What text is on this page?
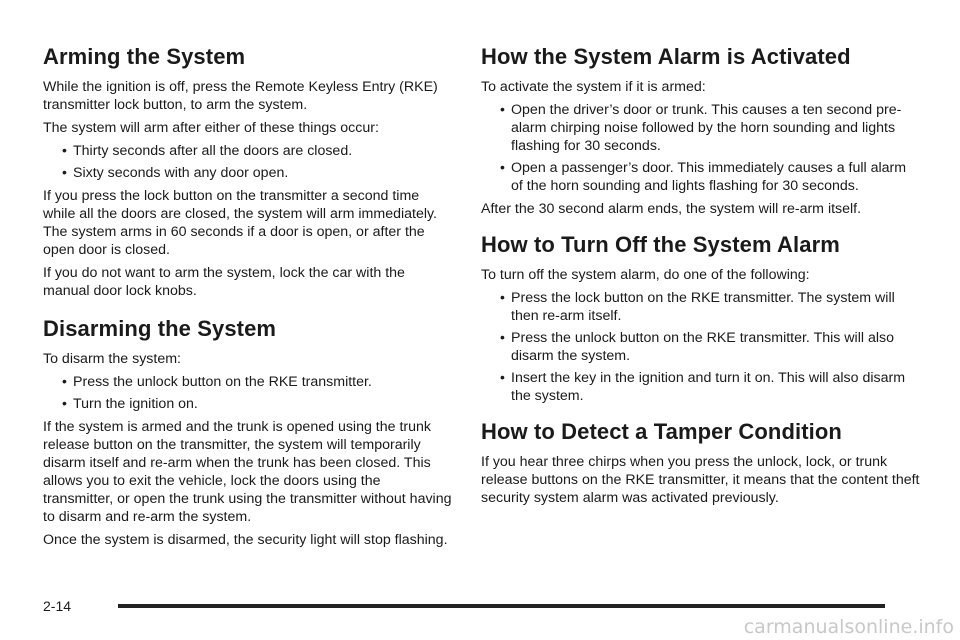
Arming the System

While the ignition is off, press the Remote Keyless Entry (RKE) transmitter lock button, to arm the system.

The system will arm after either of these things occur:

• Thirty seconds after all the doors are closed.
• Sixty seconds with any door open.

If you press the lock button on the transmitter a second time while all the doors are closed, the system will arm immediately. The system arms in 60 seconds if a door is open, or after the open door is closed.

If you do not want to arm the system, lock the car with the manual door lock knobs.

Disarming the System

To disarm the system:

• Press the unlock button on the RKE transmitter.
• Turn the ignition on.

If the system is armed and the trunk is opened using the trunk release button on the transmitter, the system will temporarily disarm itself and re-arm when the trunk has been closed. This allows you to exit the vehicle, lock the doors using the transmitter, or open the trunk using the transmitter without having to disarm and re-arm the system.

Once the system is disarmed, the security light will stop flashing.

How the System Alarm is Activated

To activate the system if it is armed:

• Open the driver’s door or trunk. This causes a ten second pre-alarm chirping noise followed by the horn sounding and lights flashing for 30 seconds.
• Open a passenger’s door. This immediately causes a full alarm of the horn sounding and lights flashing for 30 seconds.

After the 30 second alarm ends, the system will re-arm itself.

How to Turn Off the System Alarm

To turn off the system alarm, do one of the following:

• Press the lock button on the RKE transmitter. The system will then re-arm itself.
• Press the unlock button on the RKE transmitter. This will also disarm the system.
• Insert the key in the ignition and turn it on. This will also disarm the system.
How to Detect a Tamper Condition

If you hear three chirps when you press the unlock, lock, or trunk release buttons on the RKE transmitter, it means that the content theft security system alarm was activated previously.

2-14
carmanualsonline.info
